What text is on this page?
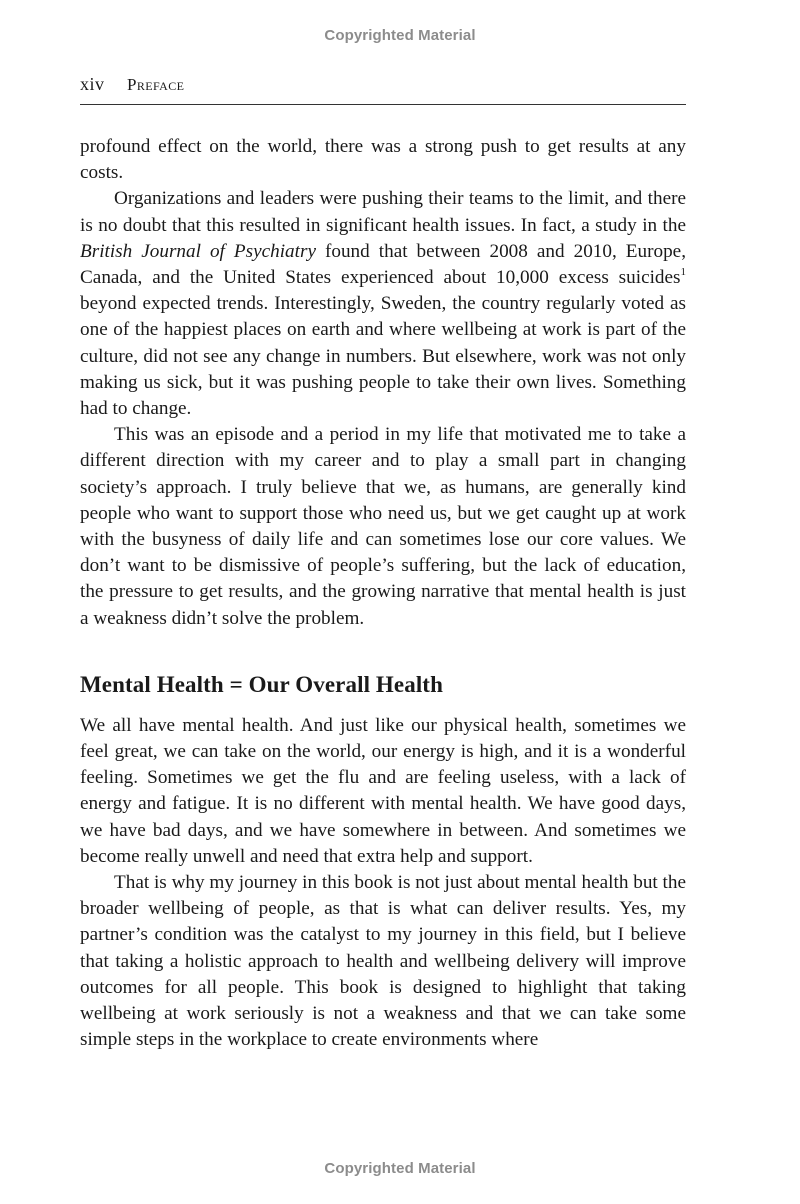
Copyrighted Material
xiv Preface

profound effect on the world, there was a strong push to get results at any costs.

Organizations and leaders were pushing their teams to the limit, and there is no doubt that this resulted in significant health issues. In fact, a study in the British Journal of Psychiatry found that between 2008 and 2010, Europe, Canada, and the United States experienced about 10,000 excess suicides$^1$ beyond expected trends. Interestingly, Sweden, the country regularly voted as one of the happiest places on earth and where wellbeing at work is part of the culture, did not see any change in numbers. But elsewhere, work was not only making us sick, but it was pushing people to take their own lives. Something had to change.

This was an episode and a period in my life that motivated me to take a different direction with my career and to play a small part in changing society’s approach. I truly believe that we, as humans, are generally kind people who want to support those who need us, but we get caught up at work with the busyness of daily life and can sometimes lose our core values. We don’t want to be dismissive of people’s suffering, but the lack of education, the pressure to get results, and the growing narrative that mental health is just a weakness didn’t solve the problem.

Mental Health = Our Overall Health

We all have mental health. And just like our physical health, sometimes we feel great, we can take on the world, our energy is high, and it is a wonderful feeling. Sometimes we get the flu and are feeling useless, with a lack of energy and fatigue. It is no different with mental health. We have good days, we have bad days, and we have somewhere in between. And sometimes we become really unwell and need that extra help and support.

That is why my journey in this book is not just about mental health but the broader wellbeing of people, as that is what can deliver results. Yes, my partner’s condition was the catalyst to my journey in this field, but I believe that taking a holistic approach to health and wellbeing delivery will improve outcomes for all people. This book is designed to highlight that taking wellbeing at work seriously is not a weakness and that we can take some simple steps in the workplace to create environments where

Copyrighted Material
